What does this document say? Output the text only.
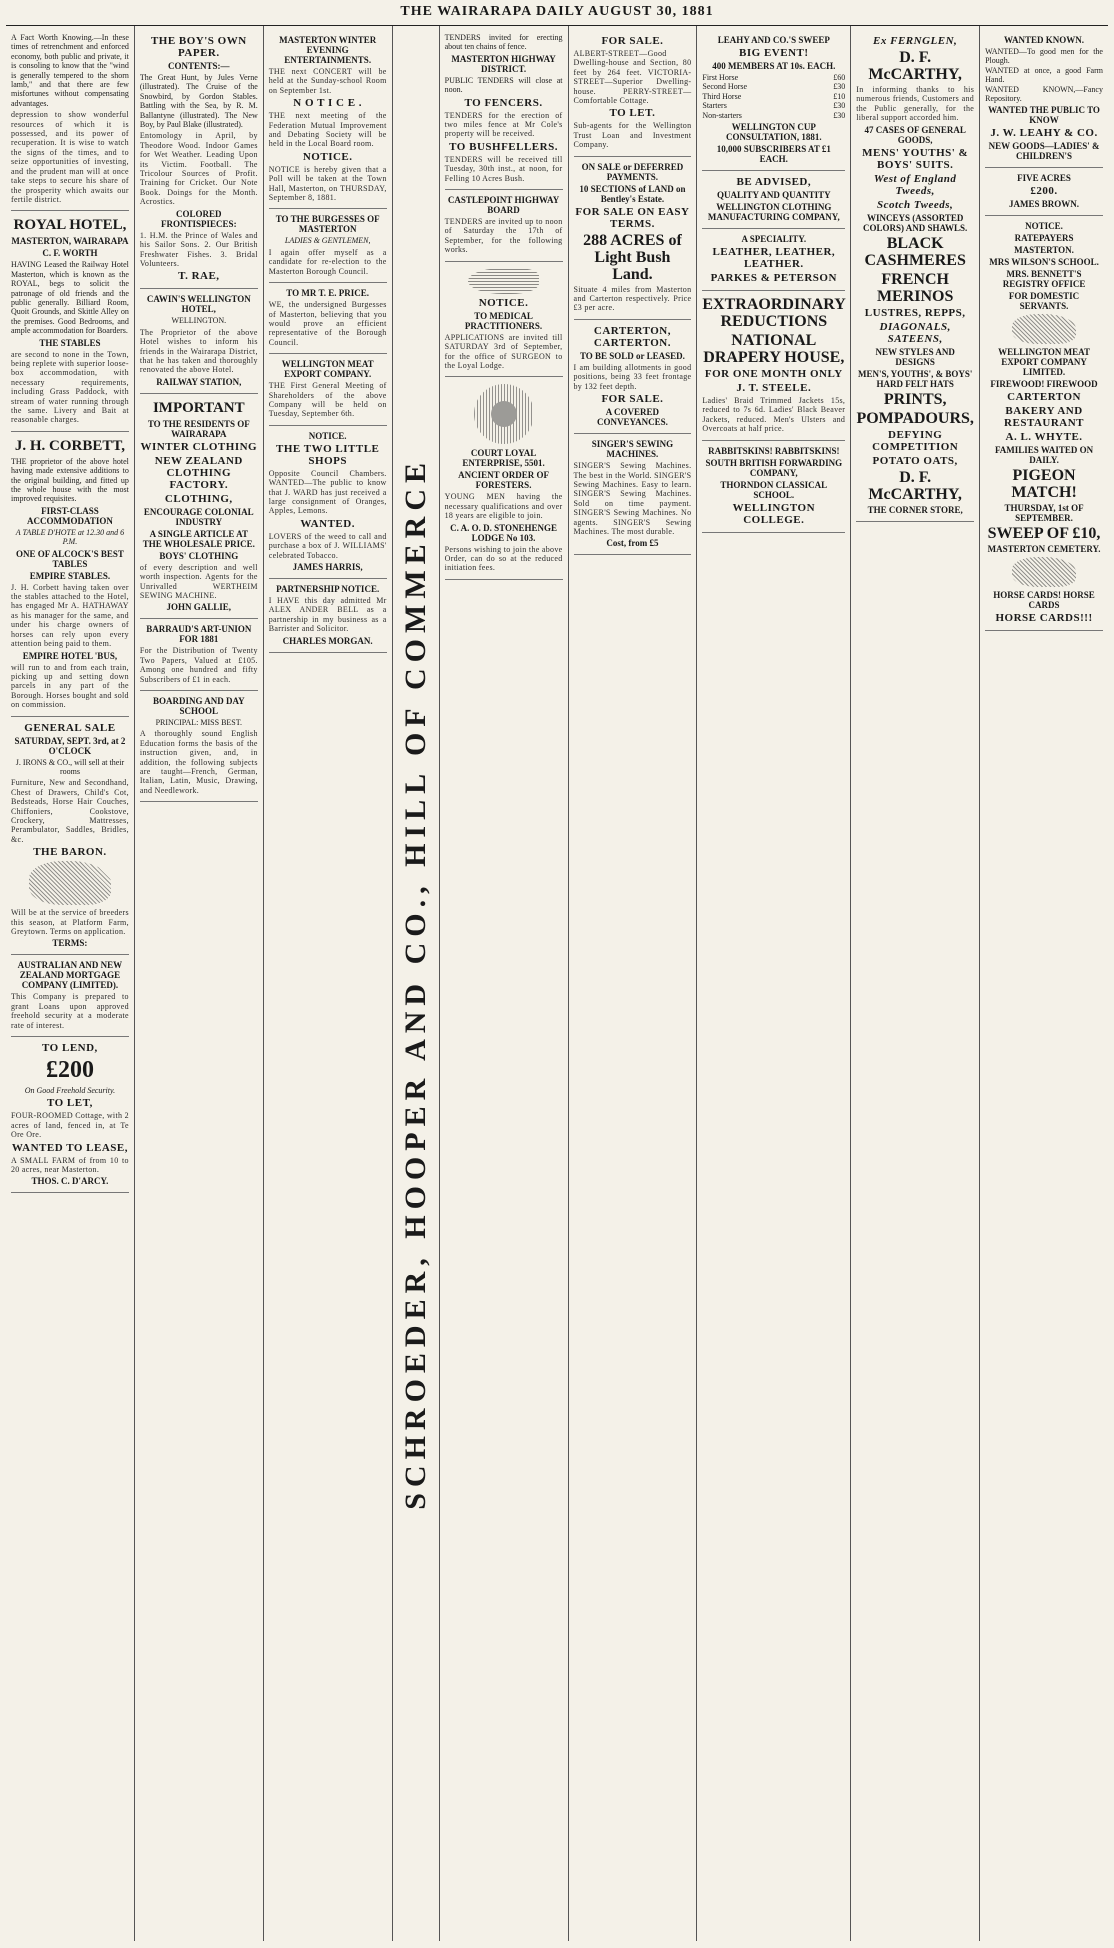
THE WAIRARAPA DAILY AUGUST 30, 1881

A Fact Worth Knowing.—In these times of retrenchment and enforced economy, both public and private, it is consoling to know that the "wind is generally tempered to the shorn lamb," and that there are few misfortunes without compensating advantages.

depression to show wonderful resources of which it is possessed, and its power of recuperation. It is wise to watch the signs of the times, and to seize opportunities of investing, and the prudent man will at once take steps to secure his share of the prosperity which awaits our fertile district.

ROYAL HOTEL,
MASTERTON, WAIRARAPA
C. F. WORTH

HAVING Leased the Railway Hotel Masterton, which is known as the ROYAL, begs to solicit the patronage of old friends and the public generally. Billiard Room, Quoit Grounds, and Skittle Alley on the premises. Good Bedrooms, and ample accommodation for Boarders.

THE STABLES

are second to none in the Town, being replete with superior loose-box accommodation, with necessary requirements, including Grass Paddock, with stream of water running through the same. Livery and Bait at reasonable charges.

J. H. CORBETT,

THE proprietor of the above hotel having made extensive additions to the original building, and fitted up the whole house with the most improved requisites.

FIRST-CLASS ACCOMMODATION
A TABLE D'HOTE at 12.30 and 6 P.M.
ONE OF ALCOCK'S BEST TABLES
EMPIRE STABLES.

J. H. Corbett having taken over the stables attached to the Hotel, has engaged Mr A. HATHAWAY as his manager for the same, and under his charge owners of horses can rely upon every attention being paid to them.

EMPIRE HOTEL 'BUS,

will run to and from each train, picking up and setting down parcels in any part of the Borough. Horses bought and sold on commission.

GENERAL SALE
SATURDAY, SEPT. 3rd, at 2 O'CLOCK
J. IRONS & CO., will sell at their rooms

Furniture, New and Secondhand, Chest of Drawers, Child's Cot, Bedsteads, Horse Hair Couches, Chiffoniers, Cookstove, Crockery, Mattresses, Perambulator, Saddles, Bridles, &c.

THE BARON.

Will be at the service of breeders this season, at Platform Farm, Greytown. Terms on application.

TERMS:
AUSTRALIAN AND NEW ZEALAND MORTGAGE COMPANY (LIMITED).

This Company is prepared to grant Loans upon approved freehold security at a moderate rate of interest.

TO LEND,
£200
On Good Freehold Security.
TO LET,

FOUR-ROOMED Cottage, with 2 acres of land, fenced in, at Te Ore Ore.

WANTED TO LEASE,

A SMALL FARM of from 10 to 20 acres, near Masterton.

THOS. C. D'ARCY.
THE BOY'S OWN PAPER.
CONTENTS:—

The Great Hunt, by Jules Verne (illustrated). The Cruise of the Snowbird, by Gordon Stables. Battling with the Sea, by R. M. Ballantyne (illustrated). The New Boy, by Paul Blake (illustrated).

Entomology in April, by Theodore Wood. Indoor Games for Wet Weather. Leading Upon its Victim. Football. The Tricolour Sources of Profit. Training for Cricket. Our Note Book. Doings for the Month. Acrostics.

COLORED FRONTISPIECES:

1. H.M. the Prince of Wales and his Sailor Sons. 2. Our British Freshwater Fishes. 3. Bridal Volunteers.

T. RAE,
CAWIN'S WELLINGTON HOTEL,
WELLINGTON.

The Proprietor of the above Hotel wishes to inform his friends in the Wairarapa District, that he has taken and thoroughly renovated the above Hotel.

RAILWAY STATION,
IMPORTANT
TO THE RESIDENTS OF WAIRARAPA
WINTER CLOTHING
NEW ZEALAND CLOTHING FACTORY.
CLOTHING,
ENCOURAGE COLONIAL INDUSTRY
A SINGLE ARTICLE AT THE WHOLESALE PRICE.
BOYS' CLOTHING

of every description and well worth inspection. Agents for the Unrivalled WERTHEIM SEWING MACHINE.

JOHN GALLIE,
BARRAUD'S ART-UNION FOR 1881

For the Distribution of Twenty Two Papers, Valued at £105. Among one hundred and fifty Subscribers of £1 in each.

BOARDING AND DAY SCHOOL
PRINCIPAL: MISS BEST.

A thoroughly sound English Education forms the basis of the instruction given, and, in addition, the following subjects are taught—French, German, Italian, Latin, Music, Drawing, and Needlework.

MASTERTON WINTER EVENING ENTERTAINMENTS.

THE next CONCERT will be held at the Sunday-school Room on September 1st.

N O T I C E .

THE next meeting of the Federation Mutual Improvement and Debating Society will be held in the Local Board room.

NOTICE.

NOTICE is hereby given that a Poll will be taken at the Town Hall, Masterton, on THURSDAY, September 8, 1881.

TO THE BURGESSES OF MASTERTON
LADIES & GENTLEMEN,

I again offer myself as a candidate for re-election to the Masterton Borough Council.

TO MR T. E. PRICE.

WE, the undersigned Burgesses of Masterton, believing that you would prove an efficient representative of the Borough Council.

WELLINGTON MEAT EXPORT COMPANY.

THE First General Meeting of Shareholders of the above Company will be held on Tuesday, September 6th.

NOTICE.
THE TWO LITTLE SHOPS

Opposite Council Chambers. WANTED—The public to know that J. WARD has just received a large consignment of Oranges, Apples, Lemons.

WANTED.

LOVERS of the weed to call and purchase a box of J. WILLIAMS' celebrated Tobacco.

JAMES HARRIS,
PARTNERSHIP NOTICE.

I HAVE this day admitted Mr ALEX ANDER BELL as a partnership in my business as a Barrister and Solicitor.

CHARLES MORGAN. SCHROEDER, HOOPER AND CO., HILL OF COMMERCE

TENDERS invited for erecting about ten chains of fence.

MASTERTON HIGHWAY DISTRICT.

PUBLIC TENDERS will close at noon.

TO FENCERS.

TENDERS for the erection of two miles fence at Mr Cole's property will be received.

TO BUSHFELLERS.

TENDERS will be received till Tuesday, 30th inst., at noon, for Felling 10 Acres Bush.

CASTLEPOINT HIGHWAY BOARD

TENDERS are invited up to noon of Saturday the 17th of September, for the following works.

NOTICE.
TO MEDICAL PRACTITIONERS.

APPLICATIONS are invited till SATURDAY 3rd of September, for the office of SURGEON to the Loyal Lodge.

COURT LOYAL ENTERPRISE, 5501.
ANCIENT ORDER OF FORESTERS.

YOUNG MEN having the necessary qualifications and over 18 years are eligible to join.

C. A. O. D. STONEHENGE LODGE No 103.

Persons wishing to join the above Order, can do so at the reduced initiation fees.

FOR SALE.

ALBERT-STREET—Good Dwelling-house and Section, 80 feet by 264 feet. VICTORIA-STREET—Superior Dwelling-house. PERRY-STREET—Comfortable Cottage.

TO LET.

Sub-agents for the Wellington Trust Loan and Investment Company.

ON SALE or DEFERRED PAYMENTS.
10 SECTIONS of LAND on Bentley's Estate.
FOR SALE ON EASY TERMS.
288 ACRES of Light Bush Land.

Situate 4 miles from Masterton and Carterton respectively. Price £3 per acre.

CARTERTON, CARTERTON.
TO BE SOLD or LEASED.

I am building allotments in good positions, being 33 feet frontage by 132 feet depth.

FOR SALE.
A COVERED CONVEYANCES.
SINGER'S SEWING MACHINES.

SINGER'S Sewing Machines. The best in the World. SINGER'S Sewing Machines. Easy to learn. SINGER'S Sewing Machines. Sold on time payment. SINGER'S Sewing Machines. No agents. SINGER'S Sewing Machines. The most durable.

Cost, from £5
LEAHY AND CO.'S SWEEP
BIG EVENT!
400 MEMBERS AT 10s. EACH.
First Horse	£60
Second Horse	£30
Third Horse	£10
Starters	£30
Non-starters	£30
WELLINGTON CUP CONSULTATION, 1881.
10,000 SUBSCRIBERS AT £1 EACH.
BE ADVISED,
QUALITY AND QUANTITY
WELLINGTON CLOTHING MANUFACTURING COMPANY,
A SPECIALITY.
LEATHER, LEATHER, LEATHER.
PARKES & PETERSON
EXTRAORDINARY REDUCTIONS
NATIONAL DRAPERY HOUSE,
FOR ONE MONTH ONLY
J. T. STEELE.

Ladies' Braid Trimmed Jackets 15s, reduced to 7s 6d. Ladies' Black Beaver Jackets, reduced. Men's Ulsters and Overcoats at half price.

RABBITSKINS! RABBITSKINS!
SOUTH BRITISH FORWARDING COMPANY,
THORNDON CLASSICAL SCHOOL.
WELLINGTON COLLEGE.
Ex FERNGLEN,
D. F. McCARTHY,

In informing thanks to his numerous friends, Customers and the Public generally, for the liberal support accorded him.

47 CASES OF GENERAL GOODS,
MENS' YOUTHS' & BOYS' SUITS.
West of England Tweeds,
Scotch Tweeds,
WINCEYS (ASSORTED COLORS) AND SHAWLS.
BLACK CASHMERES
FRENCH MERINOS
LUSTRES, REPPS,
DIAGONALS, SATEENS,
NEW STYLES AND DESIGNS
MEN'S, YOUTHS', & BOYS' HARD FELT HATS
PRINTS,
POMPADOURS,
DEFYING COMPETITION
POTATO OATS,
D. F. McCARTHY,
THE CORNER STORE,
WANTED KNOWN.

WANTED—To good men for the Plough.

WANTED at once, a good Farm Hand.

WANTED KNOWN,—Fancy Repository.

WANTED THE PUBLIC TO KNOW
J. W. LEAHY & CO.
NEW GOODS—LADIES' & CHILDREN'S
FIVE ACRES
£200.
JAMES BROWN.
NOTICE.
RATEPAYERS
MASTERTON.
MRS WILSON'S SCHOOL.
MRS. BENNETT'S REGISTRY OFFICE
FOR DOMESTIC SERVANTS.
WELLINGTON MEAT EXPORT COMPANY LIMITED.
FIREWOOD! FIREWOOD
CARTERTON
BAKERY AND RESTAURANT
A. L. WHYTE.
FAMILIES WAITED ON DAILY.
PIGEON MATCH!
THURSDAY, 1st OF SEPTEMBER.
SWEEP OF £10,
MASTERTON CEMETERY.
HORSE CARDS! HORSE CARDS
HORSE CARDS!!!
